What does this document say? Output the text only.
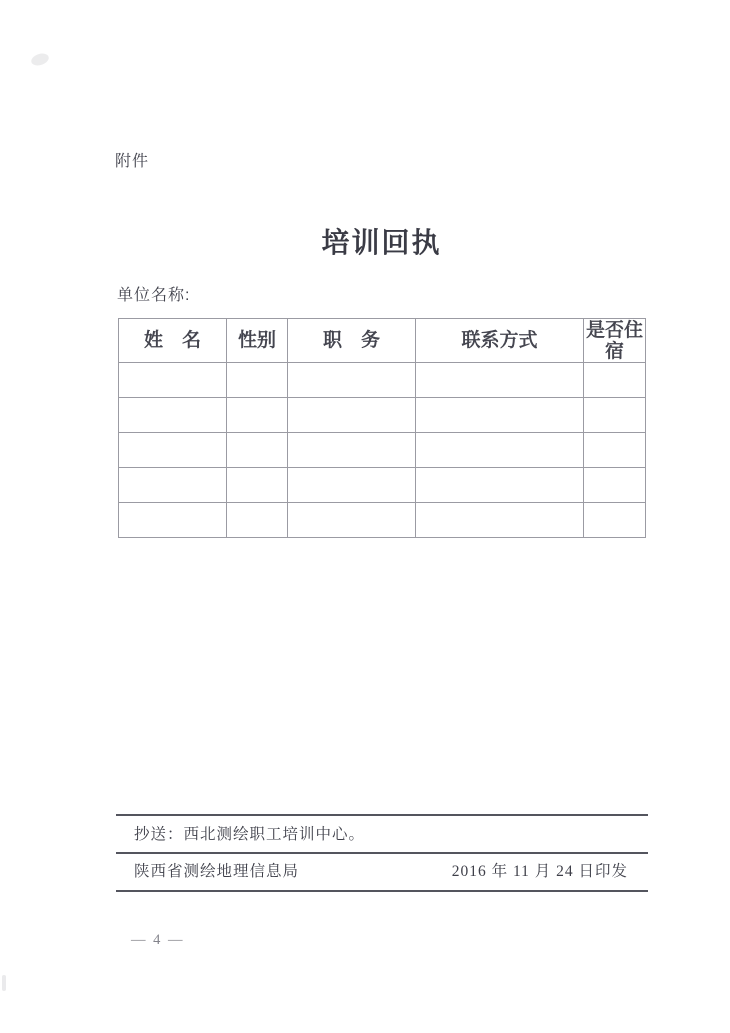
附件
培训回执
单位名称:
姓　名	性别	职　务	联系方式	是否住宿

抄送：西北测绘职工培训中心。
陕西省测绘地理信息局	2016 年 11 月 24 日印发
— 4 —
